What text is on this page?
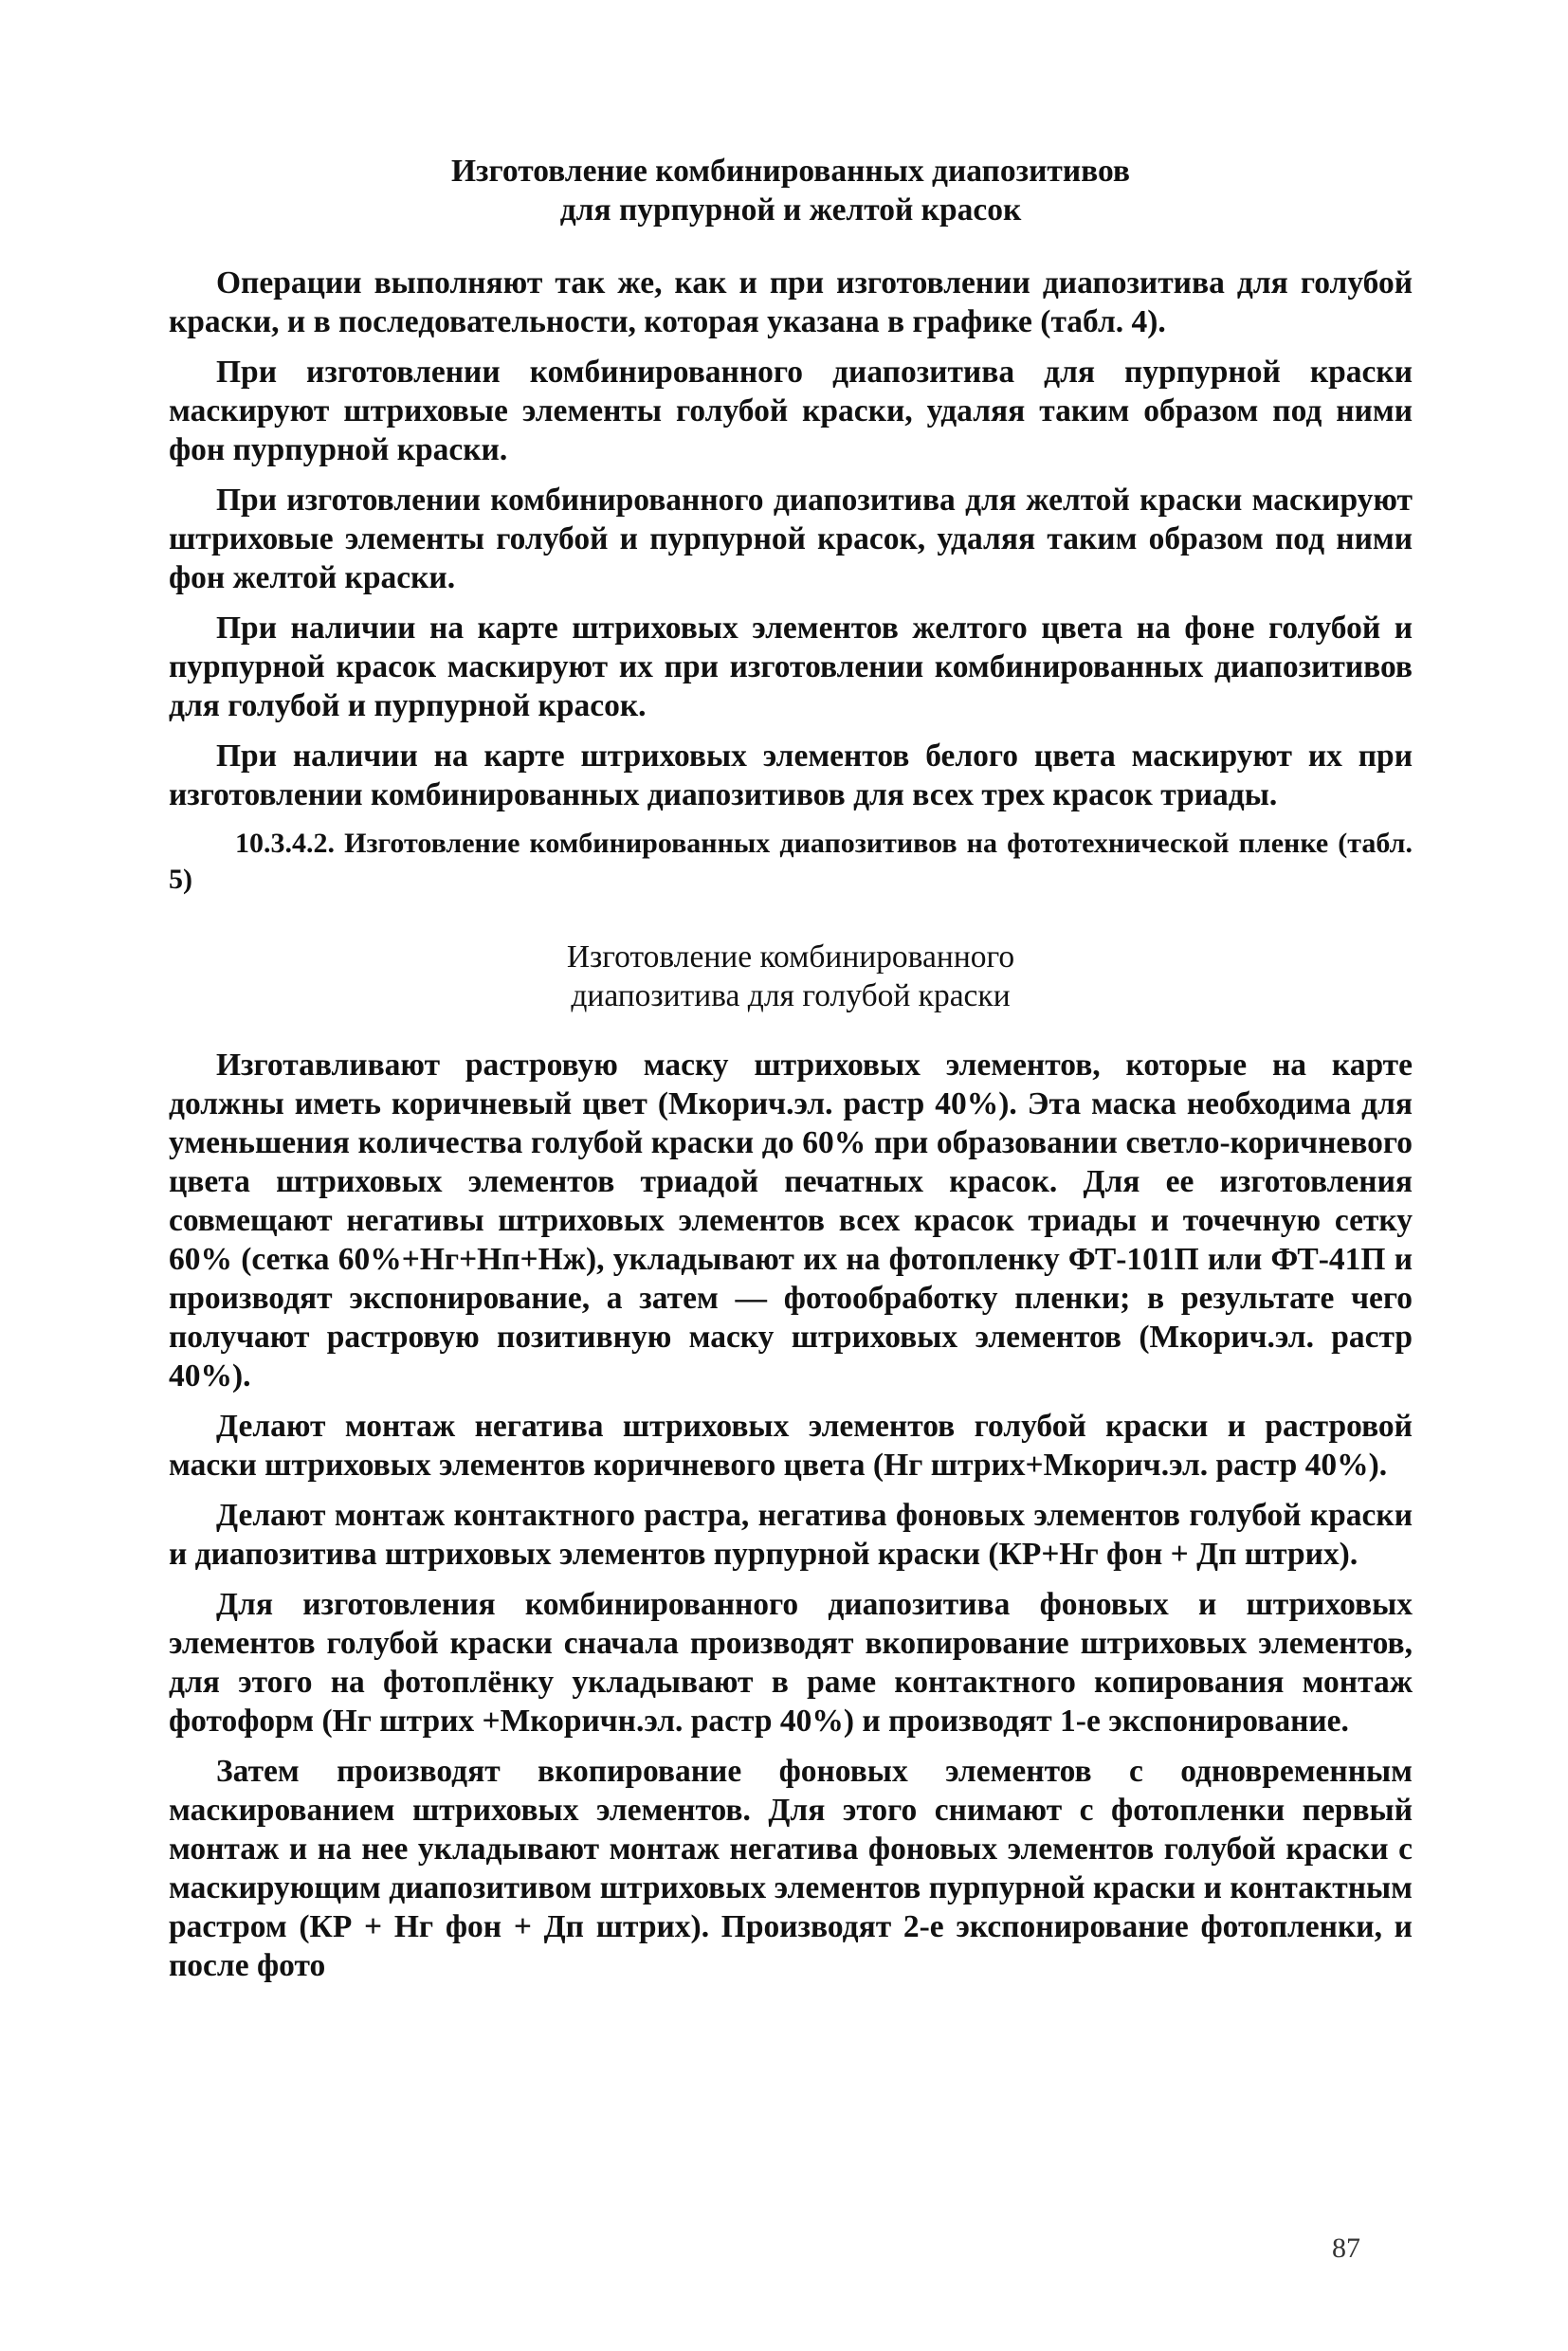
Изготовление комбинированных диапозитивов
для пурпурной и желтой красок

Операции выполняют так же, как и при изготовлении диапозитива для голубой краски, и в последовательности, которая указана в графике (табл. 4).

При изготовлении комбинированного диапозитива для пурпурной краски маскируют штриховые элементы голубой краски, удаляя таким образом под ними фон пурпурной краски.

При изготовлении комбинированного диапозитива для желтой краски маскируют штриховые элементы голубой и пурпурной красок, удаляя таким образом под ними фон желтой краски.

При наличии на карте штриховых элементов желтого цвета на фоне голубой и пурпурной красок маскируют их при изготовлении комбинированных диапозитивов для голубой и пурпурной красок.

При наличии на карте штриховых элементов белого цвета маскируют их при изготовлении комбинированных диапозитивов для всех трех красок триады.

10.3.4.2. Изготовление комбинированных диапозитивов на фототехнической пленке (табл. 5)

Изготовление комбинированного
диапозитива для голубой краски

Изготавливают растровую маску штриховых элементов, которые на карте должны иметь коричневый цвет (Мкорич.эл. растр 40%). Эта маска необходима для уменьшения количества голубой краски до 60% при образовании светло-коричневого цвета штриховых элементов триадой печатных красок. Для ее изготовления совмещают негативы штриховых элементов всех красок триады и точечную сетку 60% (сетка 60%+Нг+Нп+Нж), укладывают их на фотопленку ФТ-101П или ФТ-41П и производят экспонирование, а затем — фотообработку пленки; в результате чего получают растровую позитивную маску штриховых элементов (Мкорич.эл. растр 40%).

Делают монтаж негатива штриховых элементов голубой краски и растровой маски штриховых элементов коричневого цвета (Нг штрих+Мкорич.эл. растр 40%).

Делают монтаж контактного растра, негатива фоновых элементов голубой краски и диапозитива штриховых элементов пурпурной краски (КР+Нг фон + Дп штрих).

Для изготовления комбинированного диапозитива фоновых и штриховых элементов голубой краски сначала производят вкопирование штриховых элементов, для этого на фотоплёнку укладывают в раме контактного копирования монтаж фотоформ (Нг штрих +Мкоричн.эл. растр 40%) и производят 1-е экспонирование.

Затем производят вкопирование фоновых элементов с одновременным маскированием штриховых элементов. Для этого снимают с фотопленки первый монтаж и на нее укладывают монтаж негатива фоновых элементов голубой краски с маскирующим диапозитивом штриховых элементов пурпурной краски и контактным растром (КР + Нг фон + Дп штрих). Производят 2-е экспонирование фотопленки, и после фото

87
